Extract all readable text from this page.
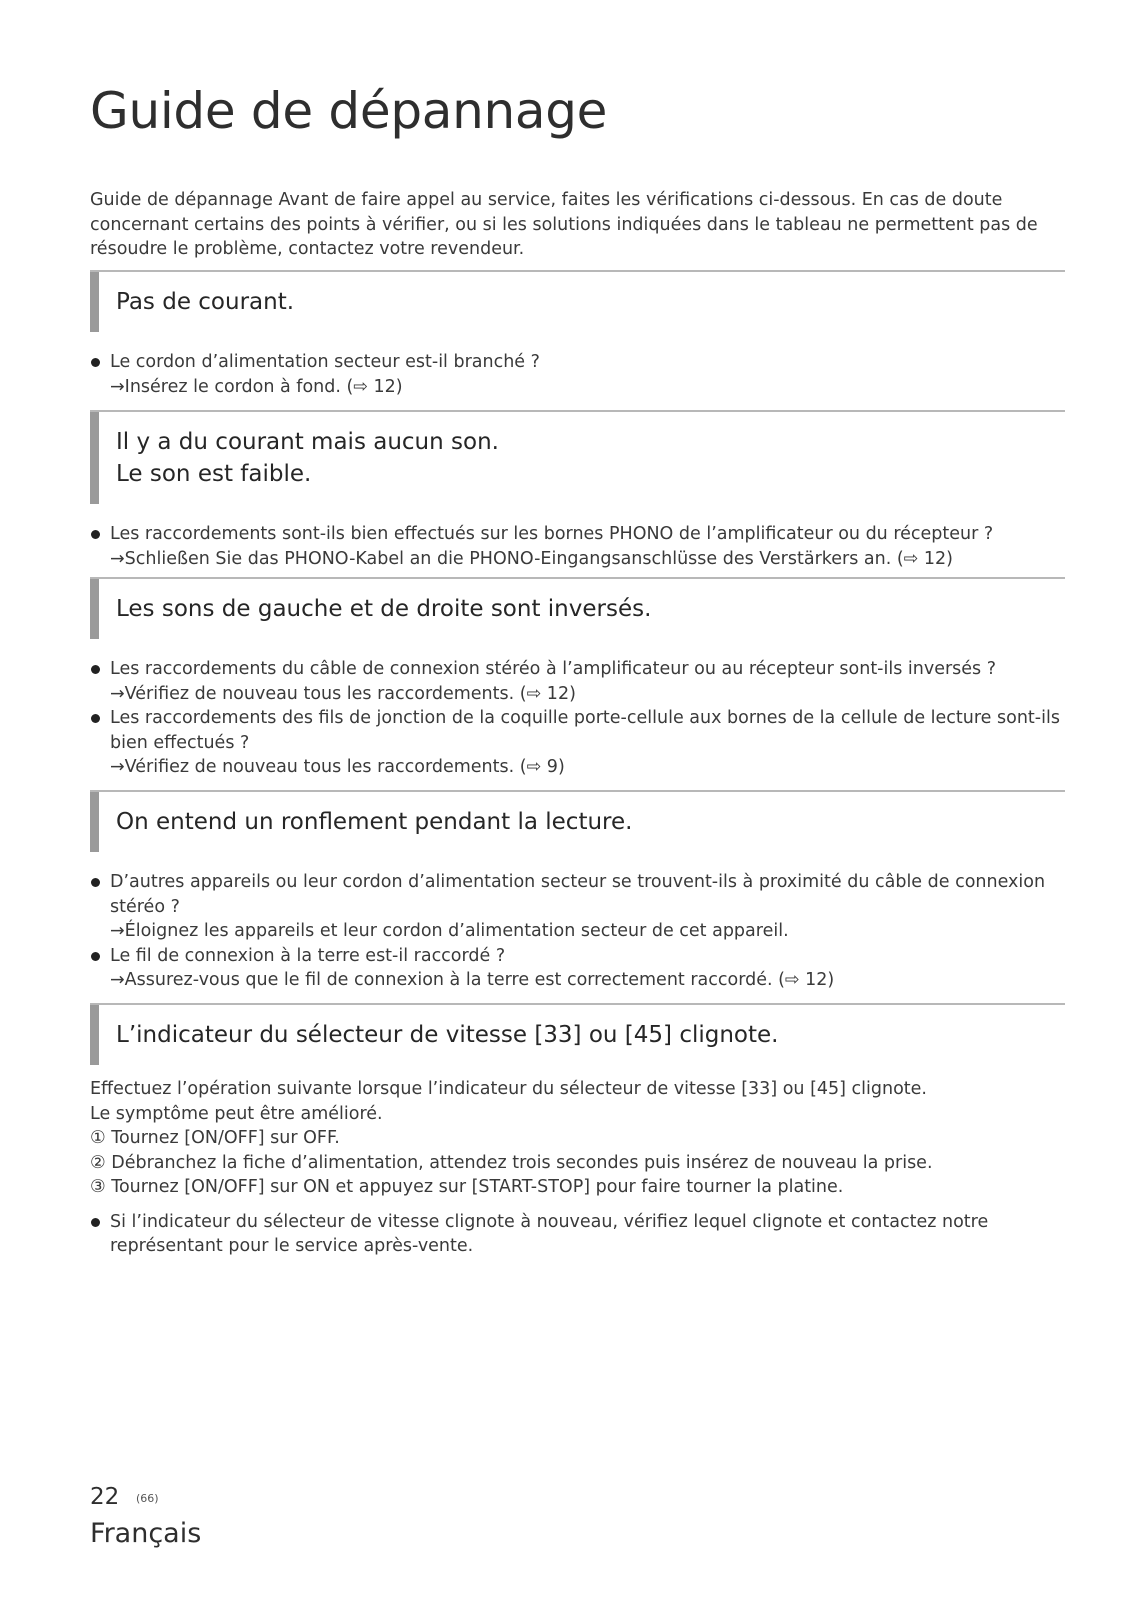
Guide de dépannage

Guide de dépannage Avant de faire appel au service, faites les vérifications ci-dessous. En cas de doute concernant certains des points à vérifier, ou si les solutions indiquées dans le tableau ne permettent pas de résoudre le problème, contactez votre revendeur.

Pas de courant.
Le cordon d’alimentation secteur est-il branché ?
→Insérez le cordon à fond. (⇨ 12)
Il y a du courant mais aucun son.
Le son est faible.
Les raccordements sont-ils bien effectués sur les bornes PHONO de l’amplificateur ou du récepteur ?
→Schließen Sie das PHONO-Kabel an die PHONO-Eingangsanschlüsse des Verstärkers an. (⇨ 12)
Les sons de gauche et de droite sont inversés.
Les raccordements du câble de connexion stéréo à l’amplificateur ou au récepteur sont-ils inversés ?
→Vérifiez de nouveau tous les raccordements. (⇨ 12)
Les raccordements des fils de jonction de la coquille porte-cellule aux bornes de la cellule de lecture sont-ils bien effectués ?
→Vérifiez de nouveau tous les raccordements. (⇨ 9)
On entend un ronflement pendant la lecture.
D’autres appareils ou leur cordon d’alimentation secteur se trouvent-ils à proximité du câble de connexion stéréo ?
→Éloignez les appareils et leur cordon d’alimentation secteur de cet appareil.
Le fil de connexion à la terre est-il raccordé ?
→Assurez-vous que le fil de connexion à la terre est correctement raccordé. (⇨ 12)
L’indicateur du sélecteur de vitesse [33] ou [45] clignote.
Effectuez l’opération suivante lorsque l’indicateur du sélecteur de vitesse [33] ou [45] clignote.
Le symptôme peut être amélioré.
① Tournez [ON/OFF] sur OFF.
② Débranchez la fiche d’alimentation, attendez trois secondes puis insérez de nouveau la prise.
③ Tournez [ON/OFF] sur ON et appuyez sur [START-STOP] pour faire tourner la platine.
Si l’indicateur du sélecteur de vitesse clignote à nouveau, vérifiez lequel clignote et contactez notre représentant pour le service après-vente.
22 (66)
Français
